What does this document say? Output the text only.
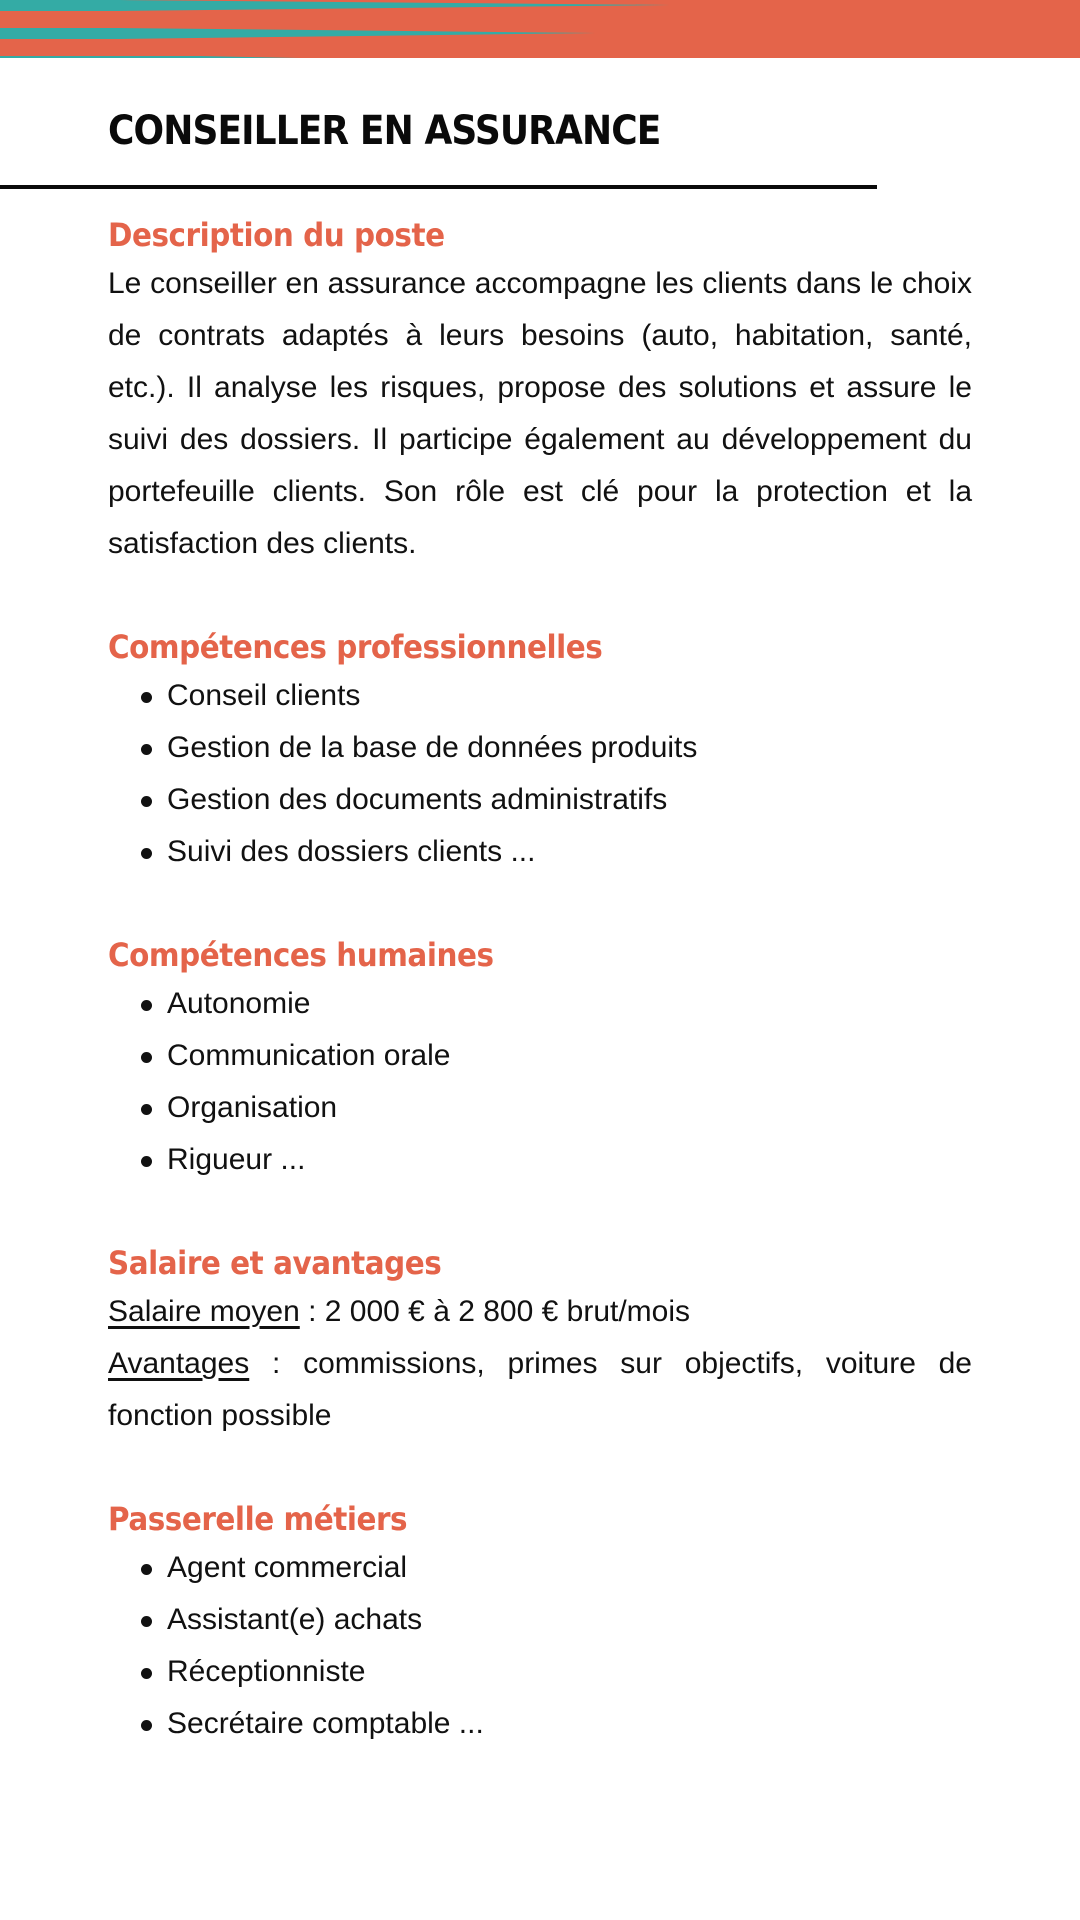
CONSEILLER EN ASSURANCE
Description du poste

Le conseiller en assurance accompagne les clients dans le choix de contrats adaptés à leurs besoins (auto, habitation, santé, etc.). Il analyse les risques, propose des solutions et assure le suivi des dossiers. Il participe également au développement du portefeuille clients. Son rôle est clé pour la protection et la satisfaction des clients.

Compétences professionnelles
Conseil clients
Gestion de la base de données produits
Gestion des documents administratifs
Suivi des dossiers clients ...
Compétences humaines
Autonomie
Communication orale
Organisation
Rigueur ...
Salaire et avantages

Salaire moyen : 2 000 € à 2 800 € brut/mois

Avantages : commissions, primes sur objectifs, voiture de fonction possible

Passerelle métiers
Agent commercial
Assistant(e) achats
Réceptionniste
Secrétaire comptable ...
